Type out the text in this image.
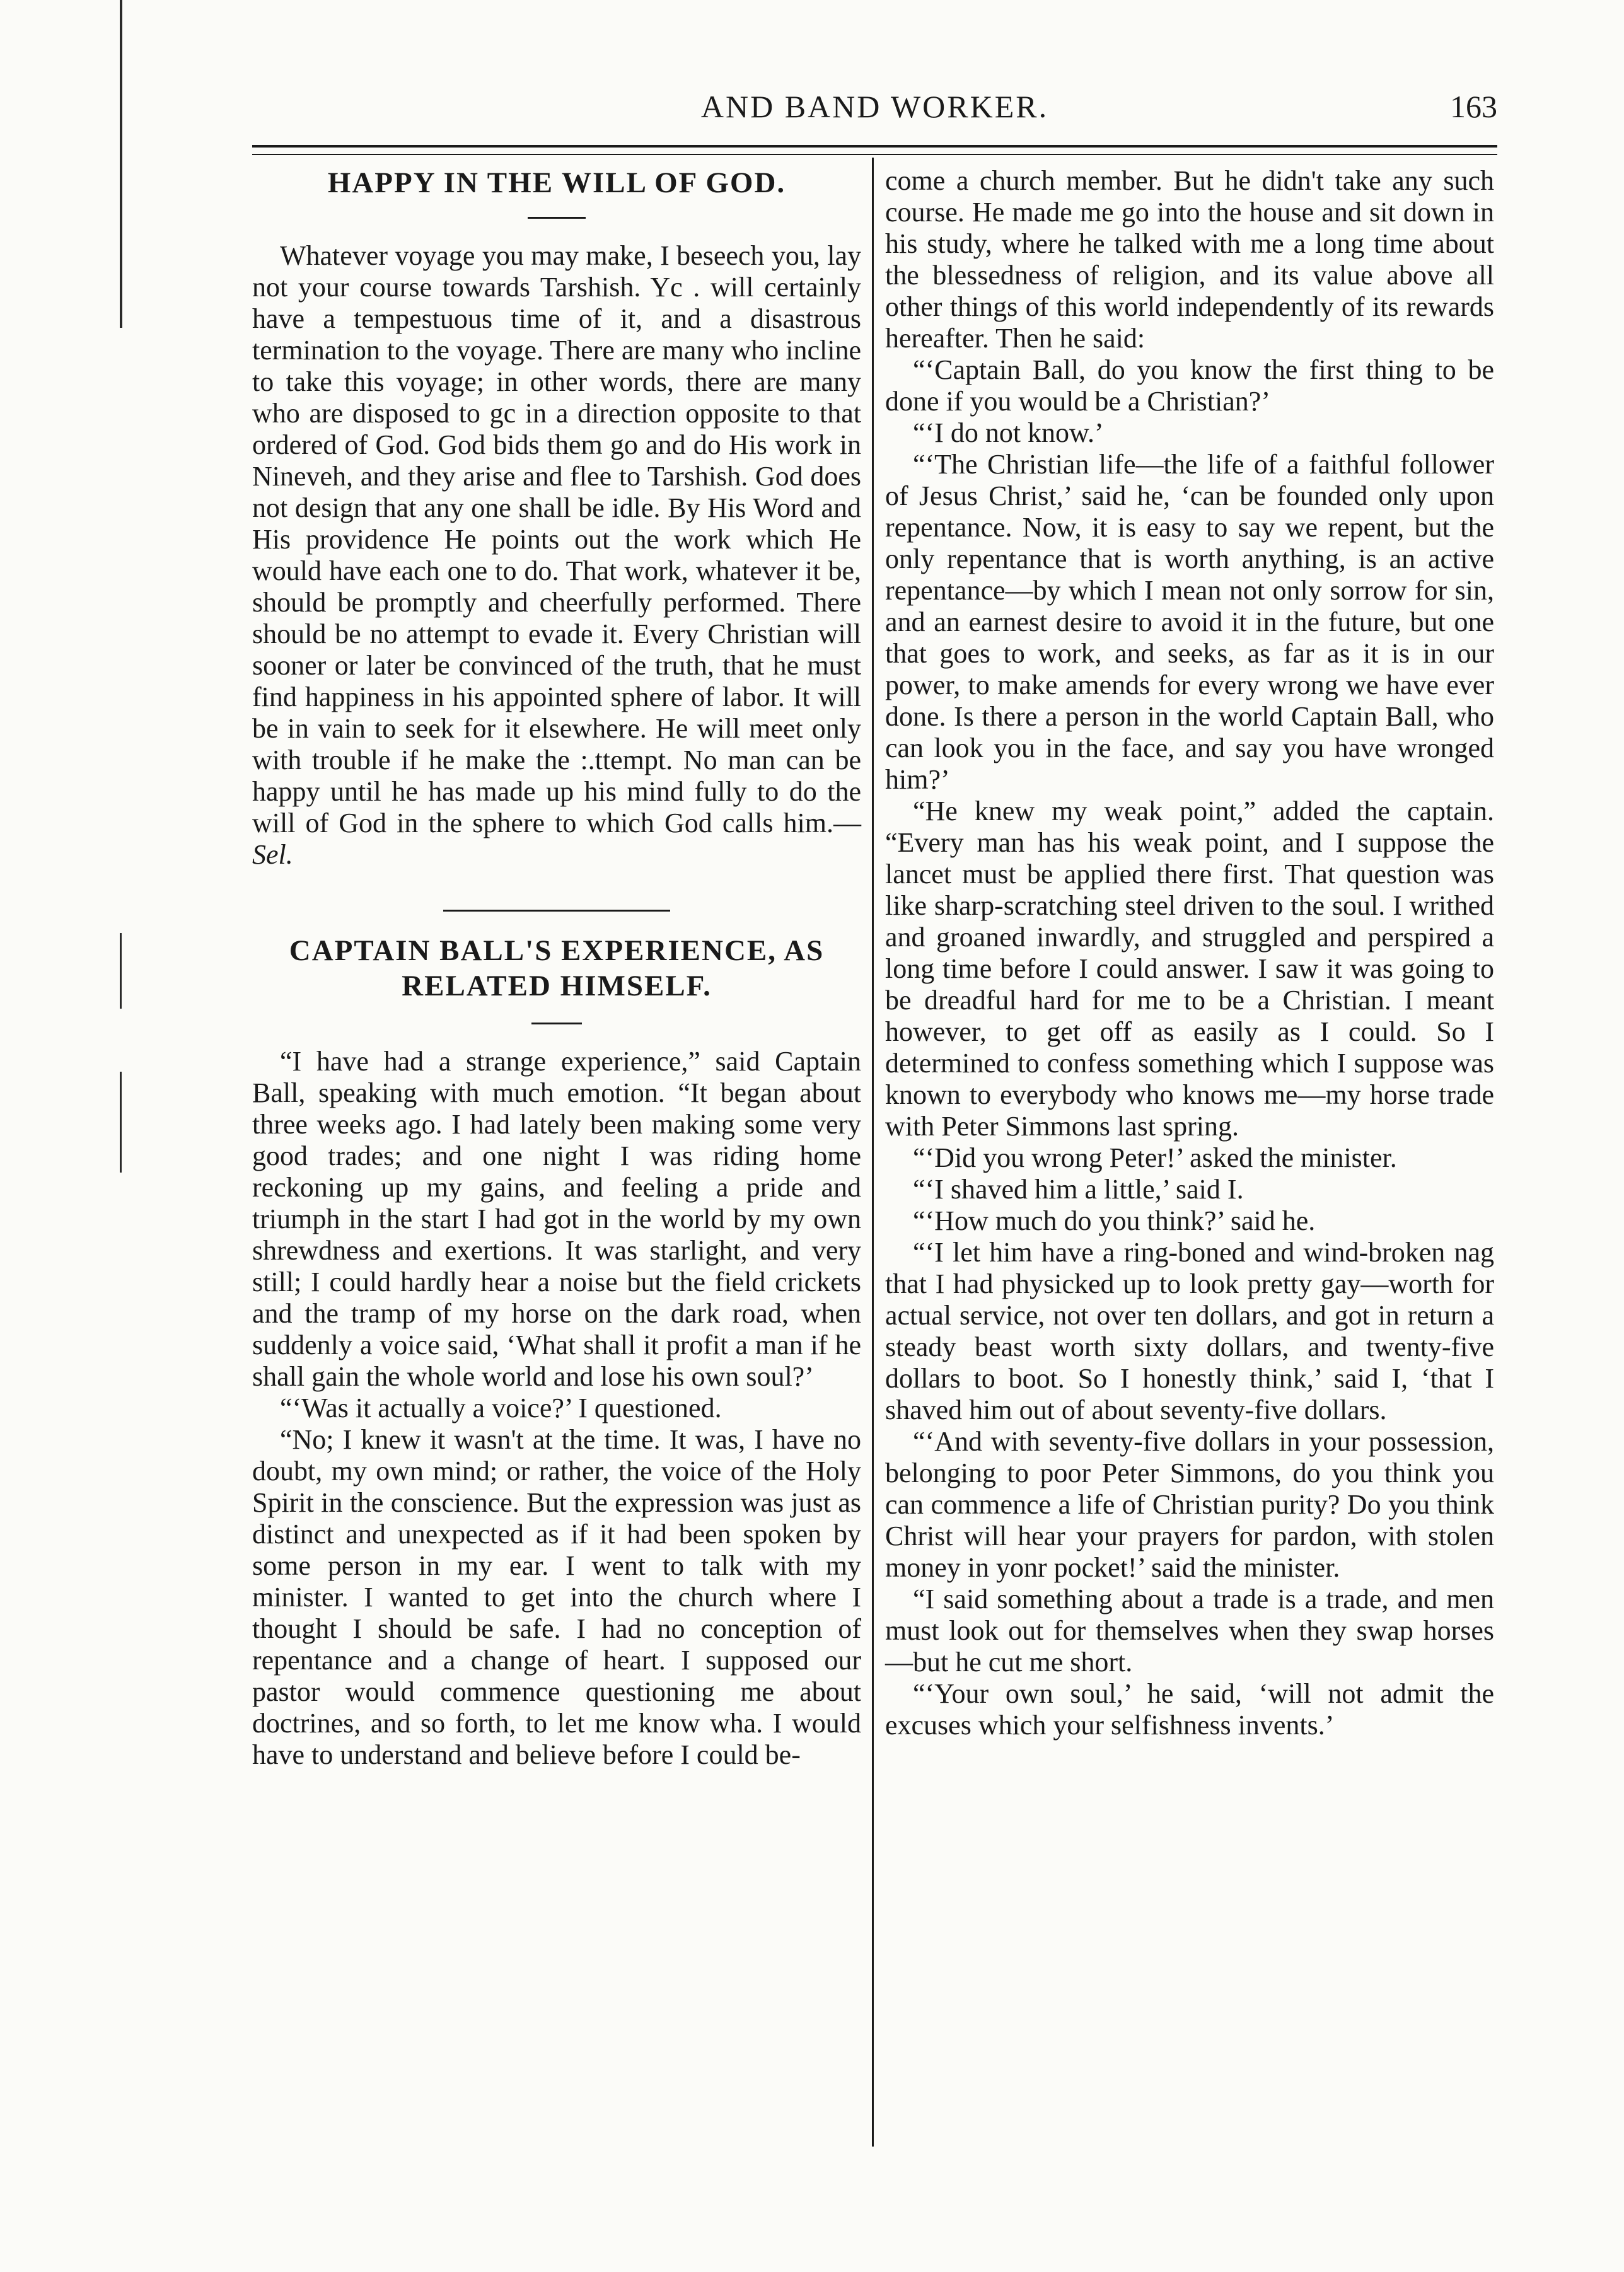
AND BAND WORKER.	163
HAPPY IN THE WILL OF GOD.

Whatever voyage you may make, I beseech you, lay not your course towards Tarshish. Yc . will certainly have a tempestuous time of it, and a disastrous termination to the voyage. There are many who incline to take this voyage; in other words, there are many who are disposed to gc in a direction opposite to that ordered of God. God bids them go and do His work in Nineveh, and they arise and flee to Tarshish. God does not design that any one shall be idle. By His Word and His providence He points out the work which He would have each one to do. That work, whatever it be, should be promptly and cheerfully performed. There should be no attempt to evade it. Every Christian will sooner or later be convinced of the truth, that he must find happiness in his appointed sphere of labor. It will be in vain to seek for it elsewhere. He will meet only with trouble if he make the :.ttempt. No man can be happy until he has made up his mind fully to do the will of God in the sphere to which God calls him.—Sel.

CAPTAIN BALL'S EXPERIENCE, AS RELATED HIMSELF.

“I have had a strange experience,” said Captain Ball, speaking with much emotion. “It began about three weeks ago. I had lately been making some very good trades; and one night I was riding home reckoning up my gains, and feeling a pride and triumph in the start I had got in the world by my own shrewdness and exertions. It was starlight, and very still; I could hardly hear a noise but the field crickets and the tramp of my horse on the dark road, when suddenly a voice said, ‘What shall it profit a man if he shall gain the whole world and lose his own soul?’

“‘Was it actually a voice?’ I questioned.

“No; I knew it wasn't at the time. It was, I have no doubt, my own mind; or rather, the voice of the Holy Spirit in the conscience. But the expression was just as distinct and unexpected as if it had been spoken by some person in my ear. I went to talk with my minister. I wanted to get into the church where I thought I should be safe. I had no conception of repentance and a change of heart. I supposed our pastor would commence questioning me about doctrines, and so forth, to let me know wha. I would have to understand and believe before I could be-

come a church member. But he didn't take any such course. He made me go into the house and sit down in his study, where he talked with me a long time about the blessedness of religion, and its value above all other things of this world independently of its rewards hereafter. Then he said:

“‘Captain Ball, do you know the first thing to be done if you would be a Christian?’

“‘I do not know.’

“‘The Christian life—the life of a faithful follower of Jesus Christ,’ said he, ‘can be founded only upon repentance. Now, it is easy to say we repent, but the only repentance that is worth anything, is an active repentance—by which I mean not only sorrow for sin, and an earnest desire to avoid it in the future, but one that goes to work, and seeks, as far as it is in our power, to make amends for every wrong we have ever done. Is there a person in the world Captain Ball, who can look you in the face, and say you have wronged him?’

“He knew my weak point,” added the captain. “Every man has his weak point, and I suppose the lancet must be applied there first. That question was like sharp-scratching steel driven to the soul. I writhed and groaned inwardly, and struggled and perspired a long time before I could answer. I saw it was going to be dreadful hard for me to be a Christian. I meant however, to get off as easily as I could. So I determined to confess something which I suppose was known to everybody who knows me—my horse trade with Peter Simmons last spring.

“‘Did you wrong Peter!’ asked the minister.

“‘I shaved him a little,’ said I.

“‘How much do you think?’ said he.

“‘I let him have a ring-boned and wind-broken nag that I had physicked up to look pretty gay—worth for actual service, not over ten dollars, and got in return a steady beast worth sixty dollars, and twenty-five dollars to boot. So I honestly think,’ said I, ‘that I shaved him out of about seventy-five dollars.

“‘And with seventy-five dollars in your possession, belonging to poor Peter Simmons, do you think you can commence a life of Christian purity? Do you think Christ will hear your prayers for pardon, with stolen money in yonr pocket!’ said the minister.

“I said something about a trade is a trade, and men must look out for themselves when they swap horses—but he cut me short.

“‘Your own soul,’ he said, ‘will not admit the excuses which your selfishness invents.’
